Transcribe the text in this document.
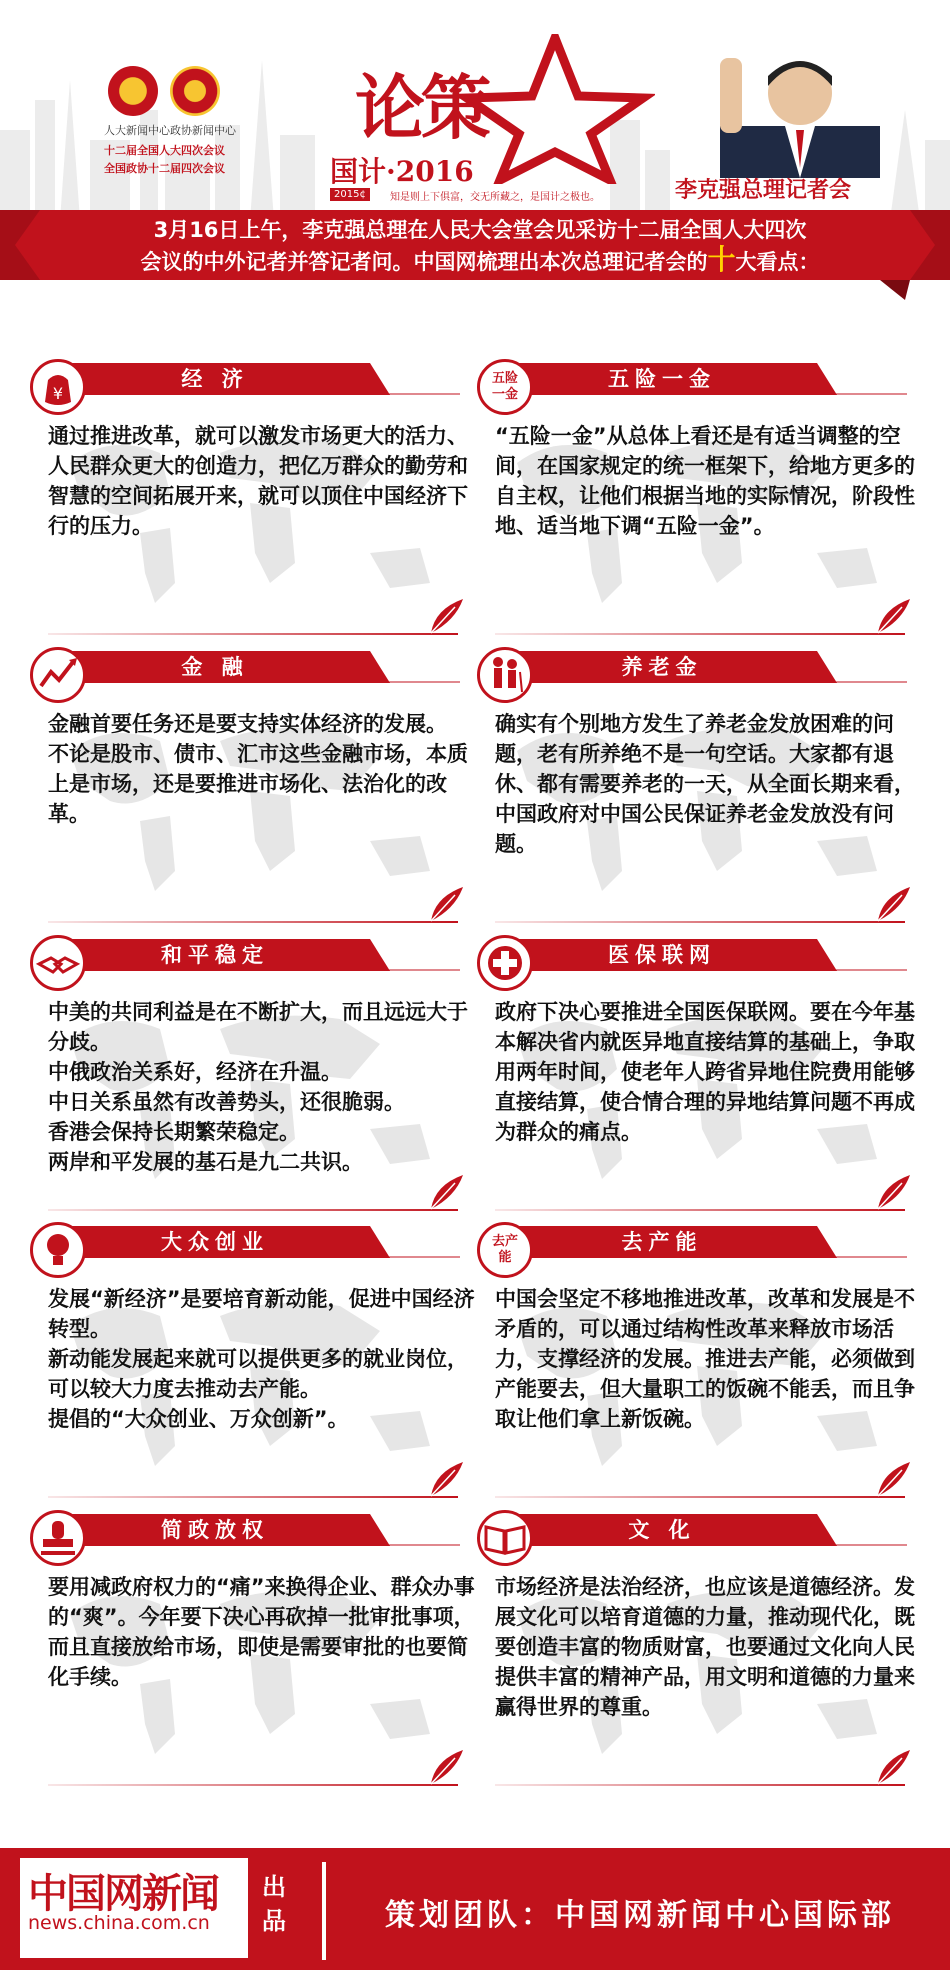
人大新闻中心 政协新闻中心
十二届全国人大四次会议
全国政协十二届四次会议
论策
国计·2016
2015¢	知是则上下俱富，交无所藏之，是国计之极也。	李克强总理记者会
3月16日上午，李克强总理在人民大会堂会见采访十二届全国人大四次
会议的中外记者并答记者问。中国网梳理出本次总理记者会的十大看点：
经 济
¥
通过推进改革，就可以激发市场更大的活力、人民群众更大的创造力，把亿万群众的勤劳和智慧的空间拓展开来，就可以顶住中国经济下行的压力。
五险一金
五险一金
“五险一金”从总体上看还是有适当调整的空间，在国家规定的统一框架下，给地方更多的自主权，让他们根据当地的实际情况，阶段性地、适当地下调“五险一金”。
金 融
金融首要任务还是要支持实体经济的发展。
不论是股市、债市、汇市这些金融市场，本质上是市场，还是要推进市场化、法治化的改革。
养老金
确实有个别地方发生了养老金发放困难的问题，老有所养绝不是一句空话。大家都有退休、都有需要养老的一天，从全面长期来看，中国政府对中国公民保证养老金发放没有问题。
和平稳定
中美的共同利益是在不断扩大，而且远远大于分歧。
中俄政治关系好，经济在升温。
中日关系虽然有改善势头，还很脆弱。
香港会保持长期繁荣稳定。
两岸和平发展的基石是九二共识。
医保联网
政府下决心要推进全国医保联网。要在今年基本解决省内就医异地直接结算的基础上，争取用两年时间，使老年人跨省异地住院费用能够直接结算，使合情合理的异地结算问题不再成为群众的痛点。
大众创业
发展“新经济”是要培育新动能，促进中国经济转型。
新动能发展起来就可以提供更多的就业岗位，可以较大力度去推动去产能。
提倡的“大众创业、万众创新”。
去产能
去产能
中国会坚定不移地推进改革，改革和发展是不矛盾的，可以通过结构性改革来释放市场活力，支撑经济的发展。推进去产能，必须做到产能要去，但大量职工的饭碗不能丢，而且争取让他们拿上新饭碗。
简政放权
要用减政府权力的“痛”来换得企业、群众办事的“爽”。今年要下决心再砍掉一批审批事项，而且直接放给市场，即使是需要审批的也要简化手续。
文 化
市场经济是法治经济，也应该是道德经济。发展文化可以培育道德的力量，推动现代化，既要创造丰富的物质财富，也要通过文化向人民提供丰富的精神产品，用文明和道德的力量来赢得世界的尊重。
中国网新闻
news.china.com.cn
出品	策划团队：中国网新闻中心国际部
